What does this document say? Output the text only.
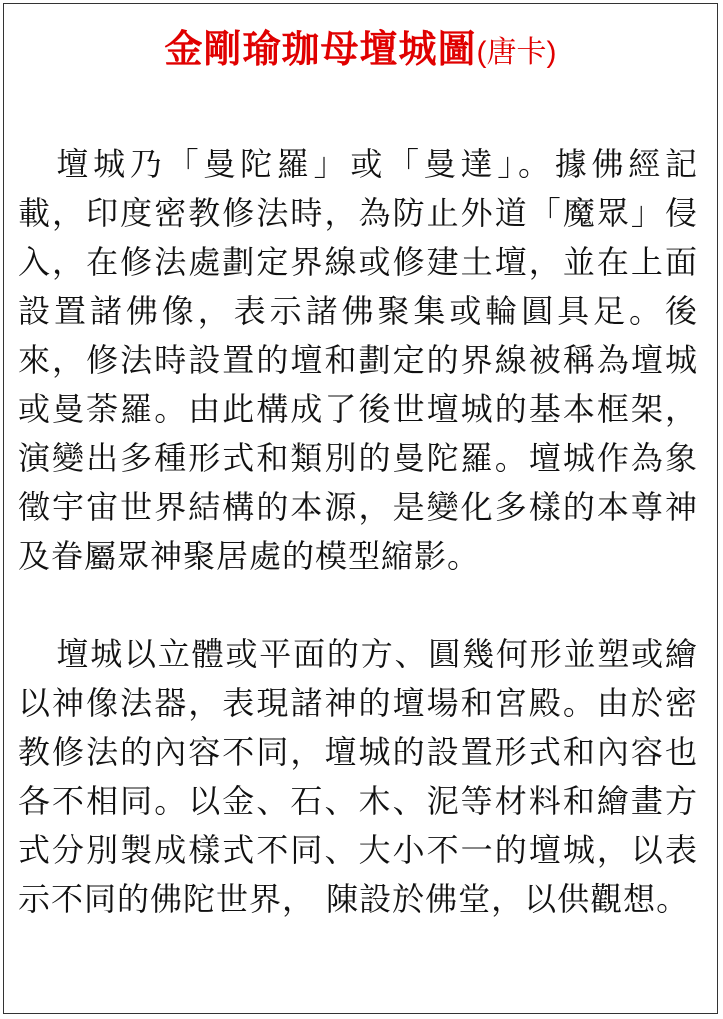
金剛瑜珈母壇城圖(唐卡)

壇城乃「曼陀羅」或「曼達」。據佛經記載，印度密教修法時，為防止外道「魔眾」侵入，在修法處劃定界線或修建土壇，並在上面設置諸佛像，表示諸佛聚集或輪圓具足。後來，修法時設置的壇和劃定的界線被稱為壇城或曼荼羅。由此構成了後世壇城的基本框架，演變出多種形式和類別的曼陀羅。壇城作為象徵宇宙世界結構的本源，是變化多樣的本尊神及眷屬眾神聚居處的模型縮影。

壇城以立體或平面的方、圓幾何形並塑或繪以神像法器，表現諸神的壇場和宮殿。由於密教修法的內容不同，壇城的設置形式和內容也各不相同。以金、石、木、泥等材料和繪畫方式分別製成樣式不同、大小不一的壇城，以表示不同的佛陀世界， 陳設於佛堂，以供觀想。
